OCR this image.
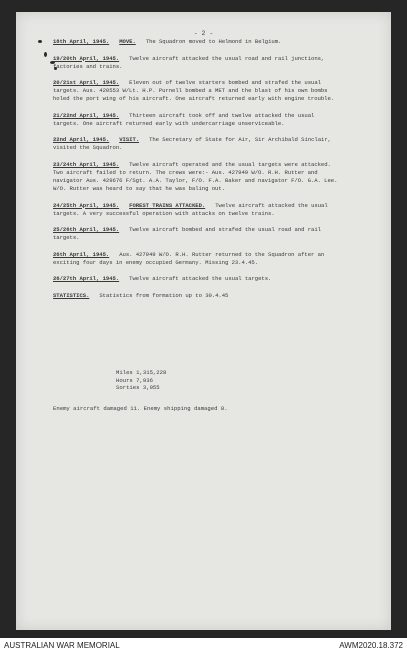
- 2 -
18th April, 1945. MOVE. The Squadron moved to Helmond in Belgium.
19/20th April, 1945. Twelve aircraft attacked the usual road and rail junctions, factories and trains.
20/21st April, 1945. Eleven out of twelve starters bombed and strafed the usual targets. Aus. 420553 W/Lt. H.P. Purnell bombed a MET and the blast of his own bombs holed the port wing of his aircraft. One aircraft returned early with engine trouble.
21/22nd April, 1945. Thirteen aircraft took off and twelve attacked the usual targets. One aircraft returned early with undercarriage unserviceable.
22nd April, 1945. VISIT. The Secretary of State for Air, Sir Archibald Sinclair, visited the Squadron.
23/24th April, 1945. Twelve aircraft operated and the usual targets were attacked. Two aircraft failed to return. The crews were:- Aus. 427949 W/O. R.H. Rutter and navigator Aus. 429676 F/Sgt. A.A. Taylor, F/O. F.A. Baker and navigator F/O. G.A. Lee. W/O. Rutter was heard to say that he was baling out.
24/25th April, 1945. FOREST TRAINS ATTACKED. Twelve aircraft attacked the usual targets. A very successful operation with attacks on twelve trains.
25/26th April, 1945. Twelve aircraft bombed and strafed the usual road and rail targets.
26th April, 1945. Aus. 427949 W/O. R.H. Rutter returned to the Squadron after an exciting four days in enemy occupied Germany. Missing 23.4.45.
26/27th April, 1945. Twelve aircraft attacked the usual targets.
STATISTICS. Statistics from formation up to 30.4.45
Miles 1,315,228
Hours 7,936
Sorties 3,055
Enemy aircraft damaged 11. Enemy shipping damaged 8.
AUSTRALIAN WAR MEMORIAL	AWM2020.18.372
